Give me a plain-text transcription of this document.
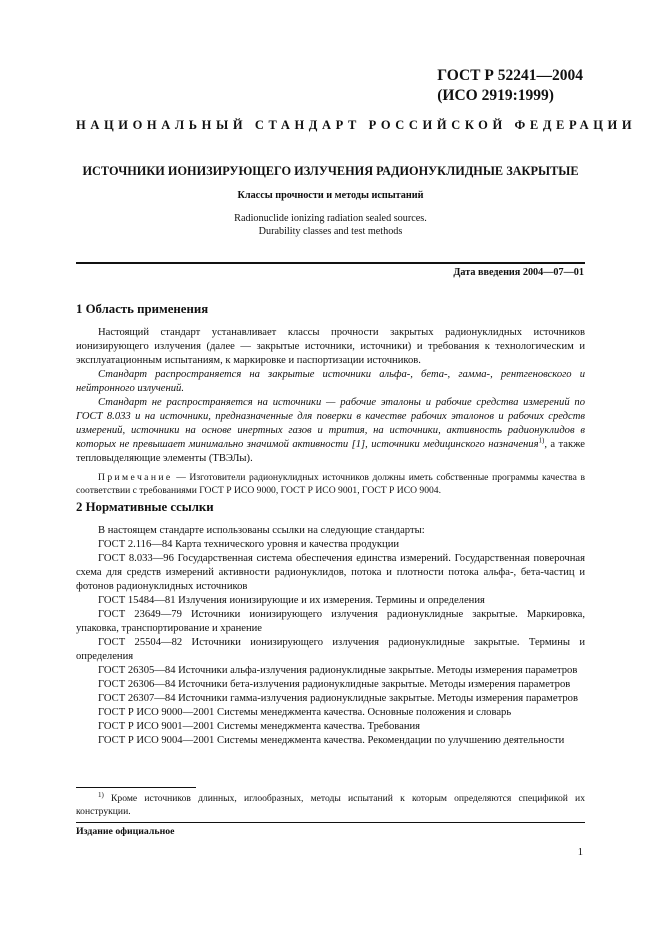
ГОСТ Р 52241—2004
(ИСО 2919:1999)
НАЦИОНАЛЬНЫЙ СТАНДАРТ РОССИЙСКОЙ ФЕДЕРАЦИИ
ИСТОЧНИКИ ИОНИЗИРУЮЩЕГО ИЗЛУЧЕНИЯ РАДИОНУКЛИДНЫЕ ЗАКРЫТЫЕ
Классы прочности и методы испытаний
Radionuclide ionizing radiation sealed sources.
Durability classes and test methods
Дата введения 2004—07—01
1 Область применения

Настоящий стандарт устанавливает классы прочности закрытых радионуклидных источников ионизирующего излучения (далее — закрытые источники, источники) и требования к технологическим и эксплуатационным испытаниям, к маркировке и паспортизации источников.

Стандарт распространяется на закрытые источники альфа-, бета-, гамма-, рентгеновского и нейтронного излучений.

Стандарт не распространяется на источники — рабочие эталоны и рабочие средства измерений по ГОСТ 8.033 и на источники, предназначенные для поверки в качестве рабочих эталонов и рабочих средств измерений, источники на основе инертных газов и трития, на источники, активность радионуклидов в которых не превышает минимально значимой активности [1], источники медицинского назначения$^{1)}$, а также тепловыделяющие элементы (ТВЭЛы).

Примечание — Изготовители радионуклидных источников должны иметь собственные программы качества в соответствии с требованиями ГОСТ Р ИСО 9000, ГОСТ Р ИСО 9001, ГОСТ Р ИСО 9004.

2 Нормативные ссылки

В настоящем стандарте использованы ссылки на следующие стандарты:

ГОСТ 2.116—84 Карта технического уровня и качества продукции

ГОСТ 8.033—96 Государственная система обеспечения единства измерений. Государственная поверочная схема для средств измерений активности радионуклидов, потока и плотности потока альфа-, бета-частиц и фотонов радионуклидных источников

ГОСТ 15484—81 Излучения ионизирующие и их измерения. Термины и определения

ГОСТ 23649—79 Источники ионизирующего излучения радионуклидные закрытые. Маркировка, упаковка, транспортирование и хранение

ГОСТ 25504—82 Источники ионизирующего излучения радионуклидные закрытые. Термины и определения

ГОСТ 26305—84 Источники альфа-излучения радионуклидные закрытые. Методы измерения параметров

ГОСТ 26306—84 Источники бета-излучения радионуклидные закрытые. Методы измерения параметров

ГОСТ 26307—84 Источники гамма-излучения радионуклидные закрытые. Методы измерения параметров

ГОСТ Р ИСО 9000—2001 Системы менеджмента качества. Основные положения и словарь

ГОСТ Р ИСО 9001—2001 Системы менеджмента качества. Требования

ГОСТ Р ИСО 9004—2001 Системы менеджмента качества. Рекомендации по улучшению деятельности

$^{1)}$ Кроме источников длинных, иглообразных, методы испытаний к которым определяются спецификой их конструкции.

Издание официальное
1
